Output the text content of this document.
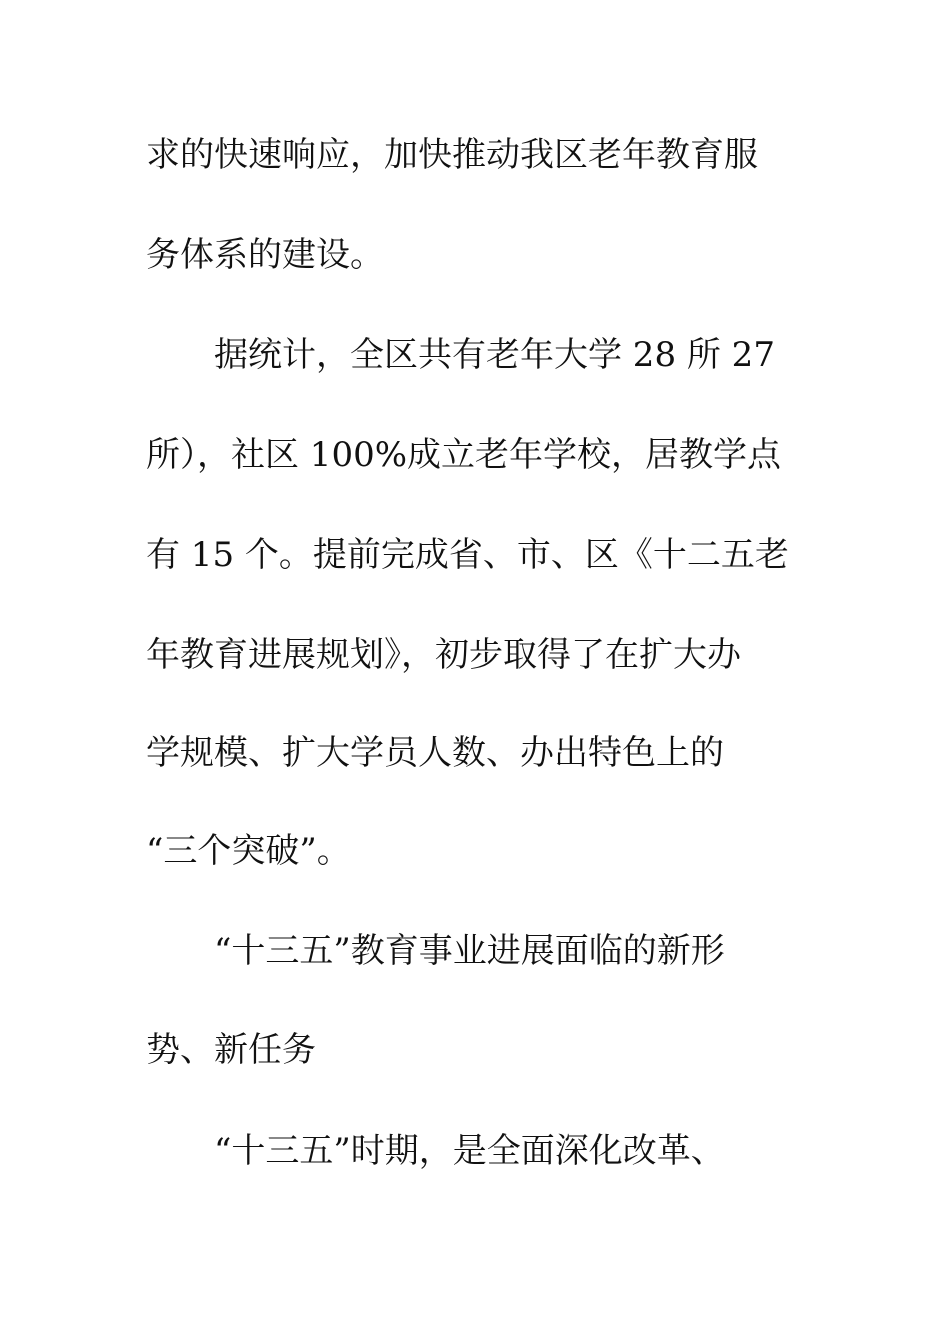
求的快速响应，加快推动我区老年教育服
务体系的建设。
据统计，全区共有老年大学 28 所 27
所），社区 100%成立老年学校，居教学点
有 15 个。提前完成省、市、区《十二五老
年教育进展规划》，初步取得了在扩大办
学规模、扩大学员人数、办出特色上的
“三个突破”。
“十三五”教育事业进展面临的新形
势、新任务
“十三五”时期，是全面深化改革、
